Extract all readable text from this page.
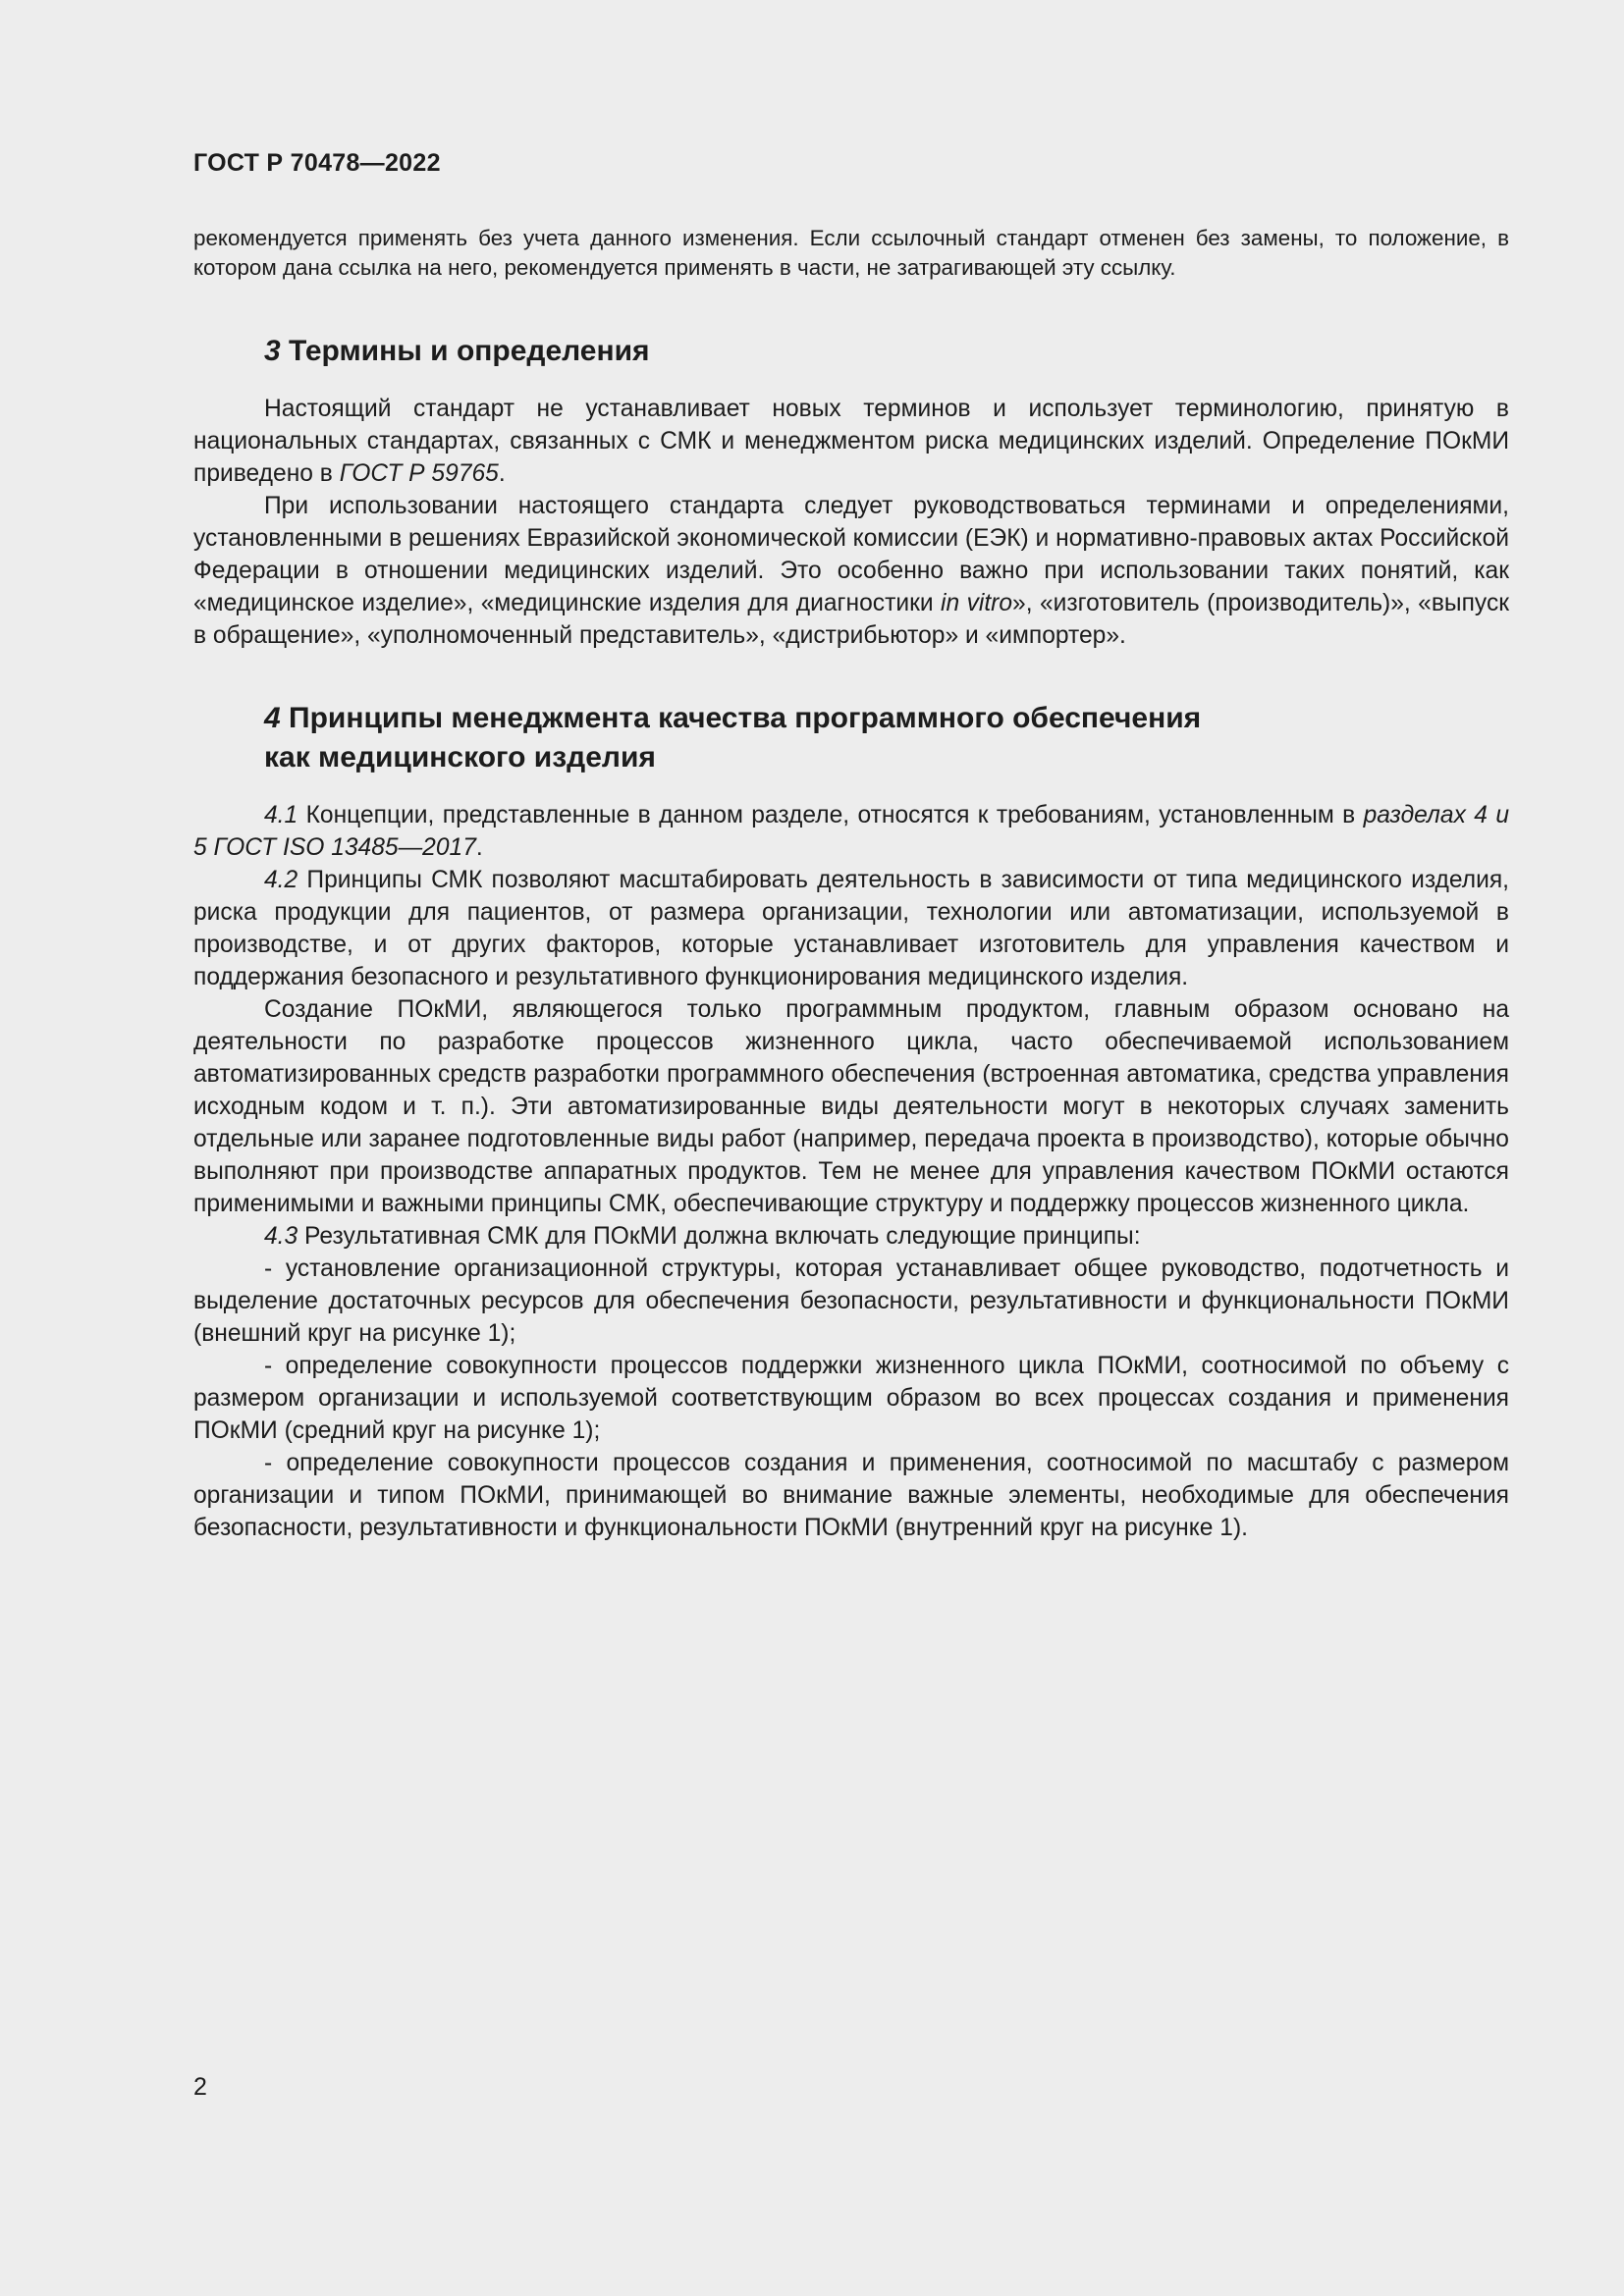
ГОСТ Р 70478—2022

рекомендуется применять без учета данного изменения. Если ссылочный стандарт отменен без замены, то положение, в котором дана ссылка на него, рекомендуется применять в части, не затрагивающей эту ссылку.

3 Термины и определения

Настоящий стандарт не устанавливает новых терминов и использует терминологию, принятую в национальных стандартах, связанных с СМК и менеджментом риска медицинских изделий. Определение ПОкМИ приведено в ГОСТ Р 59765.

При использовании настоящего стандарта следует руководствоваться терминами и определениями, установленными в решениях Евразийской экономической комиссии (ЕЭК) и нормативно-правовых актах Российской Федерации в отношении медицинских изделий. Это особенно важно при использовании таких понятий, как «медицинское изделие», «медицинские изделия для диагностики in vitro», «изготовитель (производитель)», «выпуск в обращение», «уполномоченный представитель», «дистрибьютор» и «импортер».

4 Принципы менеджмента качества программного обеспечения
как медицинского изделия

4.1 Концепции, представленные в данном разделе, относятся к требованиям, установленным в разделах 4 и 5 ГОСТ ISO 13485—2017.

4.2 Принципы СМК позволяют масштабировать деятельность в зависимости от типа медицинского изделия, риска продукции для пациентов, от размера организации, технологии или автоматизации, используемой в производстве, и от других факторов, которые устанавливает изготовитель для управления качеством и поддержания безопасного и результативного функционирования медицинского изделия.

Создание ПОкМИ, являющегося только программным продуктом, главным образом основано на деятельности по разработке процессов жизненного цикла, часто обеспечиваемой использованием автоматизированных средств разработки программного обеспечения (встроенная автоматика, средства управления исходным кодом и т. п.). Эти автоматизированные виды деятельности могут в некоторых случаях заменить отдельные или заранее подготовленные виды работ (например, передача проекта в производство), которые обычно выполняют при производстве аппаратных продуктов. Тем не менее для управления качеством ПОкМИ остаются применимыми и важными принципы СМК, обеспечивающие структуру и поддержку процессов жизненного цикла.

4.3 Результативная СМК для ПОкМИ должна включать следующие принципы:

- установление организационной структуры, которая устанавливает общее руководство, подотчетность и выделение достаточных ресурсов для обеспечения безопасности, результативности и функциональности ПОкМИ (внешний круг на рисунке 1);

- определение совокупности процессов поддержки жизненного цикла ПОкМИ, соотносимой по объему с размером организации и используемой соответствующим образом во всех процессах создания и применения ПОкМИ (средний круг на рисунке 1);

- определение совокупности процессов создания и применения, соотносимой по масштабу с размером организации и типом ПОкМИ, принимающей во внимание важные элементы, необходимые для обеспечения безопасности, результативности и функциональности ПОкМИ (внутренний круг на рисунке 1).

2
